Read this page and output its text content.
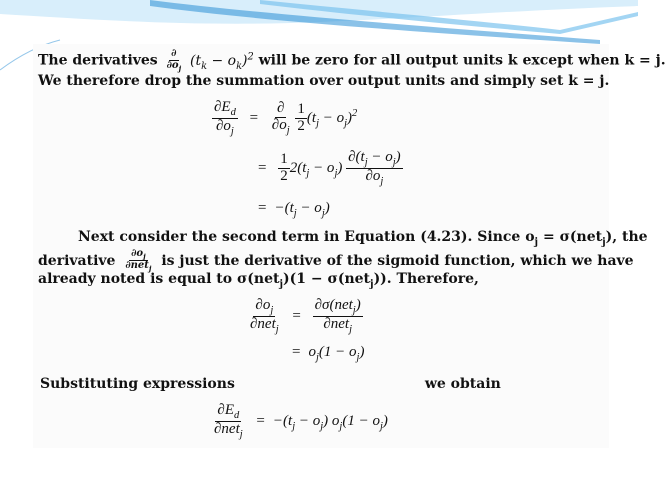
The derivatives $\frac{\partial}{\partial o_j} (t_k - o_k)^2$ will be zero for all output units k except when k = j.
We therefore drop the summation over output units and simply set k = j.
$\frac{\partial E_d}{\partial o_j} = \frac{\partial}{\partial o_j}$
$\frac{1}{2} (t_j - o_j)^2$
= $\frac{1}{2} 2(t_j - o_j) \frac{\partial(t_j - o_j)}{\partial o_j}$
= $-(t_j - o_j)$
Next consider the second term in Equation (4.23). Since $o_j = \sigma(net_j)$, the
derivative $\frac{\partial o_j}{\partial net_j}$ is just the derivative of the sigmoid function, which we have
already noted is equal to σ(net$_j$)(1 − σ(net$_j$)). Therefore,
$\frac{\partial o_j}{\partial net_j} = \frac{\partial\sigma(net_j)}{\partial net_j}$
= $o_j(1 - o_j)$
Substituting expressions	we obtain
$\frac{\partial E_d}{\partial net_j} = -(t_j - o_j) o_j(1 - o_j)$
